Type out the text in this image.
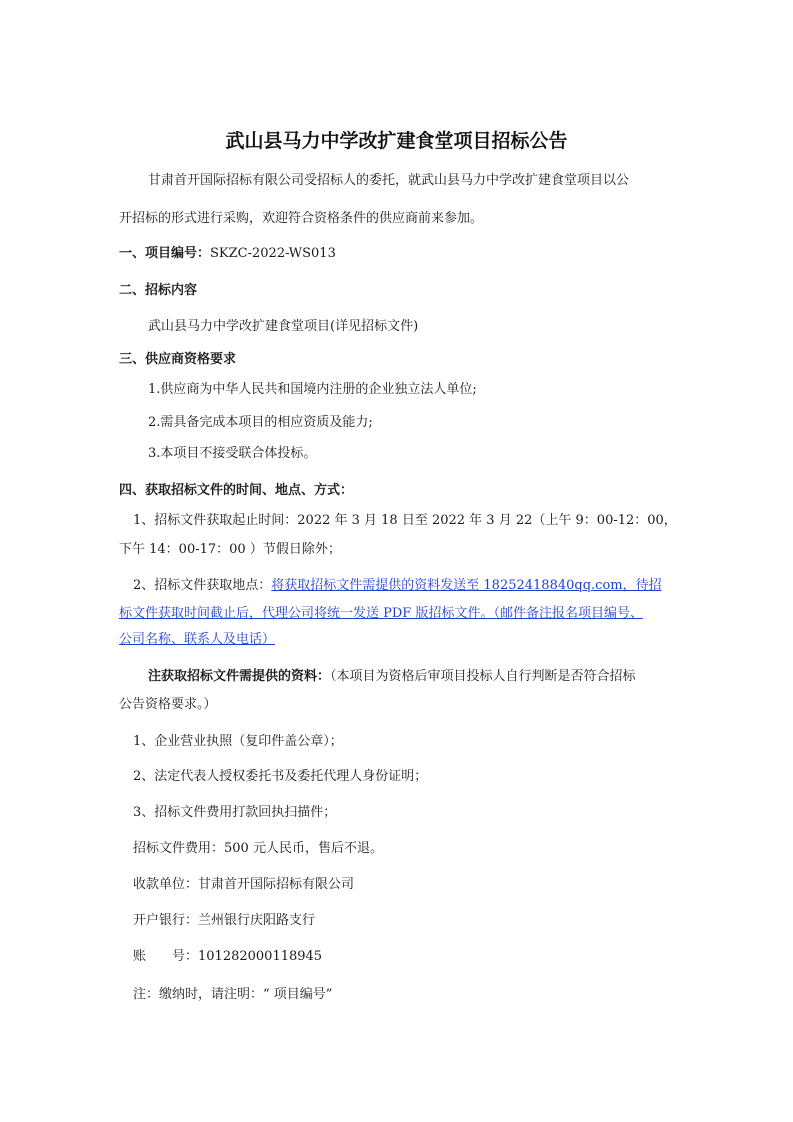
武山县马力中学改扩建食堂项目招标公告
甘肃首开国际招标有限公司受招标人的委托，就武山县马力中学改扩建食堂项目以公
开招标的形式进行采购，欢迎符合资格条件的供应商前来参加。
一、项目编号：SKZC-2022-WS013
二、招标内容
武山县马力中学改扩建食堂项目(详见招标文件)
三、供应商资格要求
1.供应商为中华人民共和国境内注册的企业独立法人单位;
2.需具备完成本项目的相应资质及能力;
3.本项目不接受联合体投标。
四、获取招标文件的时间、地点、方式：
1、招标文件获取起止时间：2022 年 3 月 18 日至 2022 年 3 月 22（上午 9：00-12：00，
下午 14：00-17：00 ）节假日除外；
2、招标文件获取地点：将获取招标文件需提供的资料发送至 18252418840qq.com，待招
标文件获取时间截止后，代理公司将统一发送 PDF 版招标文件。（邮件备注报名项目编号、
公司名称、联系人及电话）
注获取招标文件需提供的资料：（本项目为资格后审项目投标人自行判断是否符合招标
公告资格要求。）
1、企业营业执照（复印件盖公章）；
2、法定代表人授权委托书及委托代理人身份证明；
3、招标文件费用打款回执扫描件；
招标文件费用：500 元人民币，售后不退。
收款单位：甘肃首开国际招标有限公司
开户银行：兰州银行庆阳路支行
账　　号：101282000118945
注：缴纳时，请注明：“ 项目编号”
